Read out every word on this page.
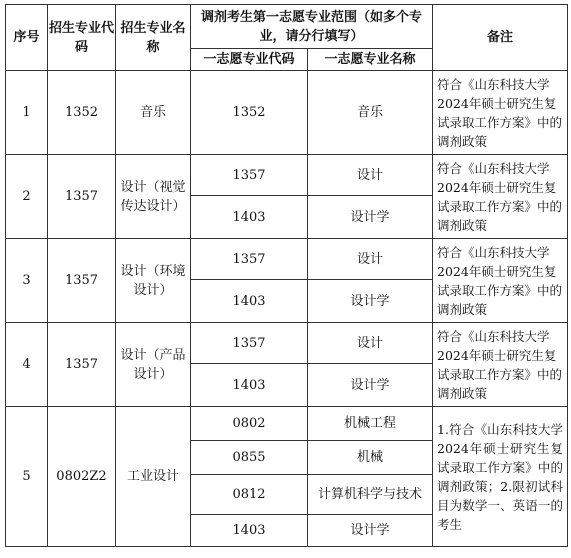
序号	招生专业代码	招生专业名称	调剂考生第一志愿专业范围（如多个专业，请分行填写）		备注
			一志愿专业代码	一志愿专业名称	
1	1352	音乐	1352	音乐	符合《山东科技大学2024年硕士研究生复试录取工作方案》中的调剂政策
2	1357	设计（视觉传达设计）	1357	设计	符合《山东科技大学2024年硕士研究生复试录取工作方案》中的调剂政策
			1403	设计学	
3	1357	设计（环境设计）	1357	设计	符合《山东科技大学2024年硕士研究生复试录取工作方案》中的调剂政策
			1403	设计学	
4	1357	设计（产品设计）	1357	设计	符合《山东科技大学2024年硕士研究生复试录取工作方案》中的调剂政策
			1403	设计学	
5	0802Z2	工业设计	0802	机械工程	1.符合《山东科技大学2024年硕士研究生复试录取工作方案》中的调剂政策；2.限初试科目为数学一、英语一的考生
			0855	机械	
			0812	计算机科学与技术	
			1403	设计学	
